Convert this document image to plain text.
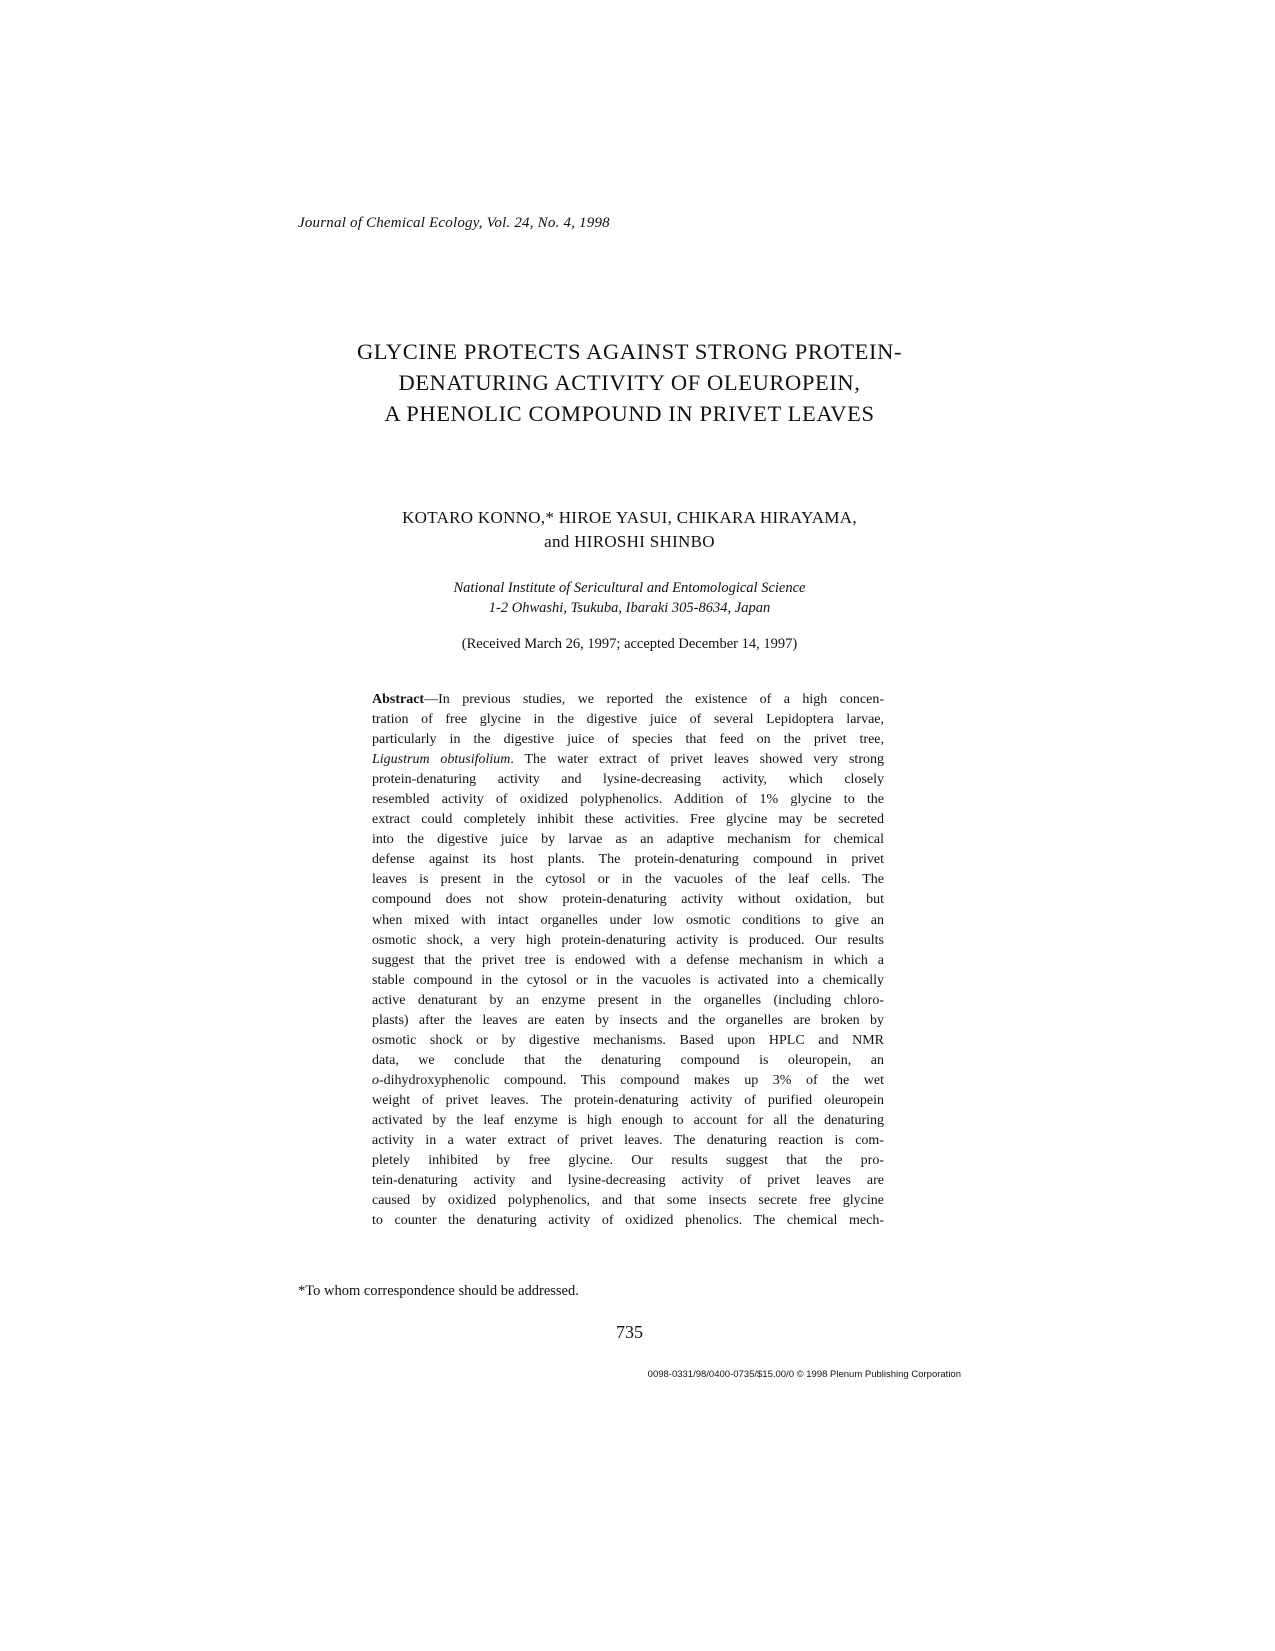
Journal of Chemical Ecology, Vol. 24, No. 4, 1998
GLYCINE PROTECTS AGAINST STRONG PROTEIN-
DENATURING ACTIVITY OF OLEUROPEIN,
A PHENOLIC COMPOUND IN PRIVET LEAVES
KOTARO KONNO,* HIROE YASUI, CHIKARA HIRAYAMA,
and HIROSHI SHINBO
National Institute of Sericultural and Entomological Science
1-2 Ohwashi, Tsukuba, Ibaraki 305-8634, Japan
(Received March 26, 1997; accepted December 14, 1997)
Abstract—In previous studies, we reported the existence of a high concen-
tration of free glycine in the digestive juice of several Lepidoptera larvae,
particularly in the digestive juice of species that feed on the privet tree,
Ligustrum obtusifolium. The water extract of privet leaves showed very strong
protein-denaturing activity and lysine-decreasing activity, which closely
resembled activity of oxidized polyphenolics. Addition of 1% glycine to the
extract could completely inhibit these activities. Free glycine may be secreted
into the digestive juice by larvae as an adaptive mechanism for chemical
defense against its host plants. The protein-denaturing compound in privet
leaves is present in the cytosol or in the vacuoles of the leaf cells. The
compound does not show protein-denaturing activity without oxidation, but
when mixed with intact organelles under low osmotic conditions to give an
osmotic shock, a very high protein-denaturing activity is produced. Our results
suggest that the privet tree is endowed with a defense mechanism in which a
stable compound in the cytosol or in the vacuoles is activated into a chemically
active denaturant by an enzyme present in the organelles (including chloro-
plasts) after the leaves are eaten by insects and the organelles are broken by
osmotic shock or by digestive mechanisms. Based upon HPLC and NMR
data, we conclude that the denaturing compound is oleuropein, an
o-dihydroxyphenolic compound. This compound makes up 3% of the wet
weight of privet leaves. The protein-denaturing activity of purified oleuropein
activated by the leaf enzyme is high enough to account for all the denaturing
activity in a water extract of privet leaves. The denaturing reaction is com-
pletely inhibited by free glycine. Our results suggest that the pro-
tein-denaturing activity and lysine-decreasing activity of privet leaves are
caused by oxidized polyphenolics, and that some insects secrete free glycine
to counter the denaturing activity of oxidized phenolics. The chemical mech-
*To whom correspondence should be addressed.
735
0098-0331/98/0400-0735/$15.00/0 © 1998 Plenum Publishing Corporation
